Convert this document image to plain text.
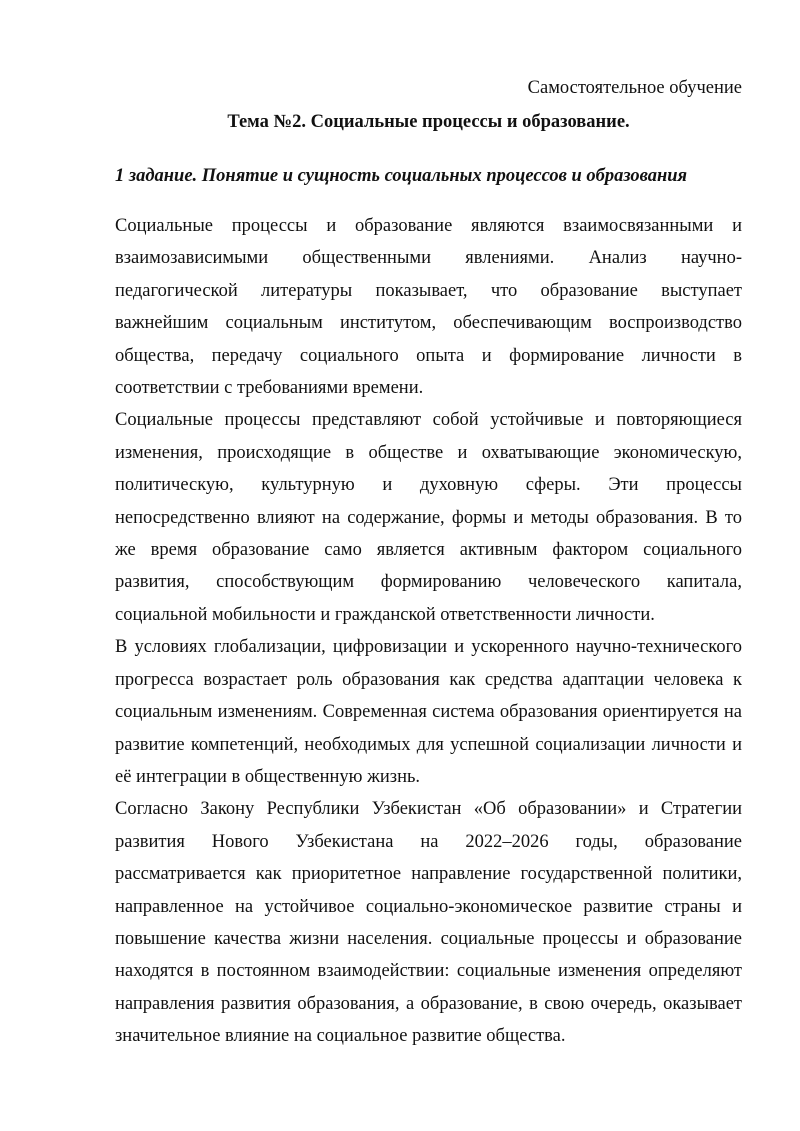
Самостоятельное обучение

Тема №2. Социальные процессы и образование.

1 задание. Понятие и сущность социальных процессов и образования

Социальные процессы и образование являются взаимосвязанными и взаимозависимыми общественными явлениями. Анализ научно-педагогической литературы показывает, что образование выступает важнейшим социальным институтом, обеспечивающим воспроизводство общества, передачу социального опыта и формирование личности в соответствии с требованиями времени.

Социальные процессы представляют собой устойчивые и повторяющиеся изменения, происходящие в обществе и охватывающие экономическую, политическую, культурную и духовную сферы. Эти процессы непосредственно влияют на содержание, формы и методы образования. В то же время образование само является активным фактором социального развития, способствующим формированию человеческого капитала, социальной мобильности и гражданской ответственности личности.

В условиях глобализации, цифровизации и ускоренного научно-технического прогресса возрастает роль образования как средства адаптации человека к социальным изменениям. Современная система образования ориентируется на развитие компетенций, необходимых для успешной социализации личности и её интеграции в общественную жизнь.

Согласно Закону Республики Узбекистан «Об образовании» и Стратегии развития Нового Узбекистана на 2022–2026 годы, образование рассматривается как приоритетное направление государственной политики, направленное на устойчивое социально-экономическое развитие страны и повышение качества жизни населения. социальные процессы и образование находятся в постоянном взаимодействии: социальные изменения определяют направления развития образования, а образование, в свою очередь, оказывает значительное влияние на социальное развитие общества.
